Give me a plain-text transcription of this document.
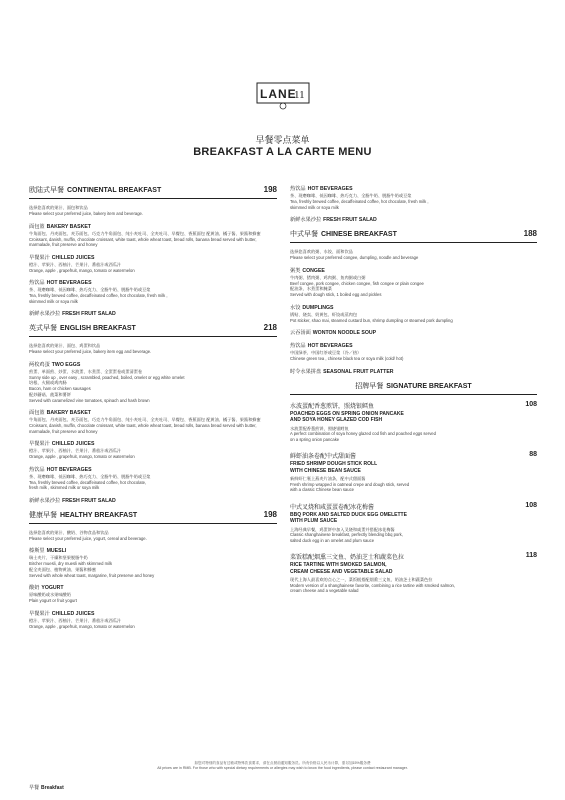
LANE
11
早餐零点菜单
BREAKFAST A LA CARTE MENU
欧陆式早餐 CONTINENTAL BREAKFAST	198
选择您喜欢的果汁、面包和饮品
Please select your preferred juice, bakery item and beverage.
面包篮 BAKERY BASKET
牛角面包、丹麦面包、麦芬面包、巧克力牛角面包、纯小麦吐司、全麦吐司、早餐包、香蕉面包 配黄油、橘子酱、果酱和蜂蜜
Croissant, danish, muffin, chocolate croissant, white toast, whole wheat toast, bread rolls, banana bread served with butter, marmalade, fruit preserve and honey
早餐果汁 CHILLED JUICES
橙汁、苹果汁、西柚汁、芒果汁、番茄汁或西瓜汁
Orange, apple , grapefruit, mango, tomato or watermelon
热饮品 HOT BEVERAGES
茶、现磨咖啡、低因咖啡、热巧克力、全脂牛奶、脱脂牛奶或豆浆
Tea, freshly brewed coffee, decaffeinated coffee, hot chocolate, fresh milk ,
skimmed milk or soya milk
新鲜水果沙拉 FRESH FRUIT SALAD
英式早餐 ENGLISH BREAKFAST	218
选择您喜欢的果汁、面包、鸡蛋和饮品
Please select your preferred juice, bakery item egg and beverage.
两枚鸡蛋 TWO EGGS
煎蛋、单面煎、炒蛋、水波蛋、水煮蛋、全蛋蛋卷或蛋清蛋卷
Sunny side up , over easy , scrambled, poached, boiled, omelet or egg white omelet
培根、火腿或鸡肉肠
Bacon, ham or chicken sausages
配炒蘑菇、菠菜和薯饼
Served with caramelized vine tomatoes, spinach and hash brown
面包篮 BAKERY BASKET
牛角面包、丹麦面包、麦芬面包、巧克力牛角面包、纯小麦吐司、全麦吐司、早餐包、香蕉面包 配黄油、橘子酱、果酱和蜂蜜
Croissant, danish, muffin, chocolate croissant, white toast, whole wheat toast, bread rolls, banana bread served with butter, marmalade, fruit preserve and honey
早餐果汁 CHILLED JUICES
橙汁、苹果汁、西柚汁、芒果汁、番茄汁或西瓜汁
Orange, apple , grapefruit, mango, tomato or watermelon
热饮品 HOT BEVERAGES
茶、现磨咖啡、低因咖啡、热巧克力、全脂牛奶、脱脂牛奶或豆浆
Tea, freshly brewed coffee, decaffeinated coffee, hot chocolate,
fresh milk , skimmed milk or soya milk
新鲜水果沙拉 FRESH FRUIT SALAD
健康早餐 HEALTHY BREAKFAST	198
选择您喜欢的果汁、酸奶、谷物食品和饮品
Please select your preferred juice, yogurt, cereal and beverage.
榛斯里 MUESLI
瑞士麦片、干燥和坚果脱脂牛奶
Bircher muesli, dry muesli with skimmed milk
配全麦面包、植物黄油、果酱和蜂蜜
Served with whole wheat toast, margarine, fruit preserve and honey
酸奶 YOGURT
原味酸奶或水果味酸奶
Plain yogurt or fruit yogurt
早餐果汁 CHILLED JUICES
橙汁、苹果汁、西柚汁、芒果汁、番茄汁或西瓜汁
Orange, apple , grapefruit, mango, tomato or watermelon
热饮品 HOT BEVERAGES
茶、现磨咖啡、低因咖啡、热巧克力、全脂牛奶、脱脂牛奶或豆浆
Tea, freshly brewed coffee, decaffeinated coffee, hot chocolate, fresh milk ,
skimmed milk or soya milk
新鲜水果沙拉 FRESH FRUIT SALAD
中式早餐 CHINESE BREAKFAST	188
选择您喜欢的粥、水饺、面和饮品
Please select your preferred congee, dumpling, noodle and beverage
粥类 CONGEE
牛肉粥、猪肉粥、鸡肉粥、鱼肉粥或白粥
Beef congee, pork congee, chicken congee, fish congee or plain congee
配油条、水煮蛋和腌菜
Served with dough stick, 1 boiled egg and pickles
水饺 DUMPLINGS
锅贴、烧卖、奶黄包、虾饺或蒸肉包
Pot sticker, shao mai, steamed custard bun, shrimp dumpling or steamed pork dumpling
云吞汤面 WONTON NOODLE SOUP
热饮品 HOT BEVERAGES
中国绿茶、中国红茶或豆浆（冷／热）
Chinese green tea , chinese black tea or soya milk (cold/ hot)
时令水果拼盘 SEASONAL FRUIT PLATTER
招牌早餐 SIGNATURE BREAKFAST
水波蛋配香葱煎饼，照烧银鳕鱼
POACHED EGGS ON SPRING ONION PANCAKE
AND SOYA HONEY GLAZED COD FISH
水波蛋配香葱煎饼，照烧银鳕鱼
A perfect combination of soya honey glazed cod fish and poached eggs served
on a spring onion pancake
108
鲜虾油条卷配中式甜面酱
FRIED SHRIMP DOUGH STICK ROLL
WITH CHINESE BEAN SAUCE
新鲜虾仁裹上燕麦片油条，配中式甜面酱
Fresh shrimp wrapped in oatmeal crepe and dough stick, served
with a classic Chinese bean sauce
88
中式叉烧和咸蛋蛋卷配冰花梅酱
BBQ PORK AND SALTED DUCK EGG OMELETTE
WITH PLUM SAUCE
上海经典早餐，鸡蛋饼中加入叉烧和咸蛋并搭配冰花梅酱
Classic shanghainese breakfast, perfectly blending bbq pork,
salted duck egg in an omelet and plum sauce
108
菜饭糕配烟熏三文鱼、奶油芝士和蔬菜色拉
RICE TARTINE WITH SMOKED SALMON,
CREAM CHEESE AND VEGETABLE SALAD
现代上海人最喜欢的点心之一，菜饭糕搭配烟熏三文鱼、奶油芝士和蔬菜色拉
Modern version of a shanghainese favorite, combining a rice tartine with smoked salmon,
cream cheese and a vegetable salad
118
如您对特别的食品有过敏或特殊饮食要求，请在点餐前通知服务员。所有价格以人民币计算，需另加15%服务费
All prices are in RMB. For those who with special dietary requirements or allergies may wish to know the food ingredients, please contact restaurant manager.
早餐 Breakfast
